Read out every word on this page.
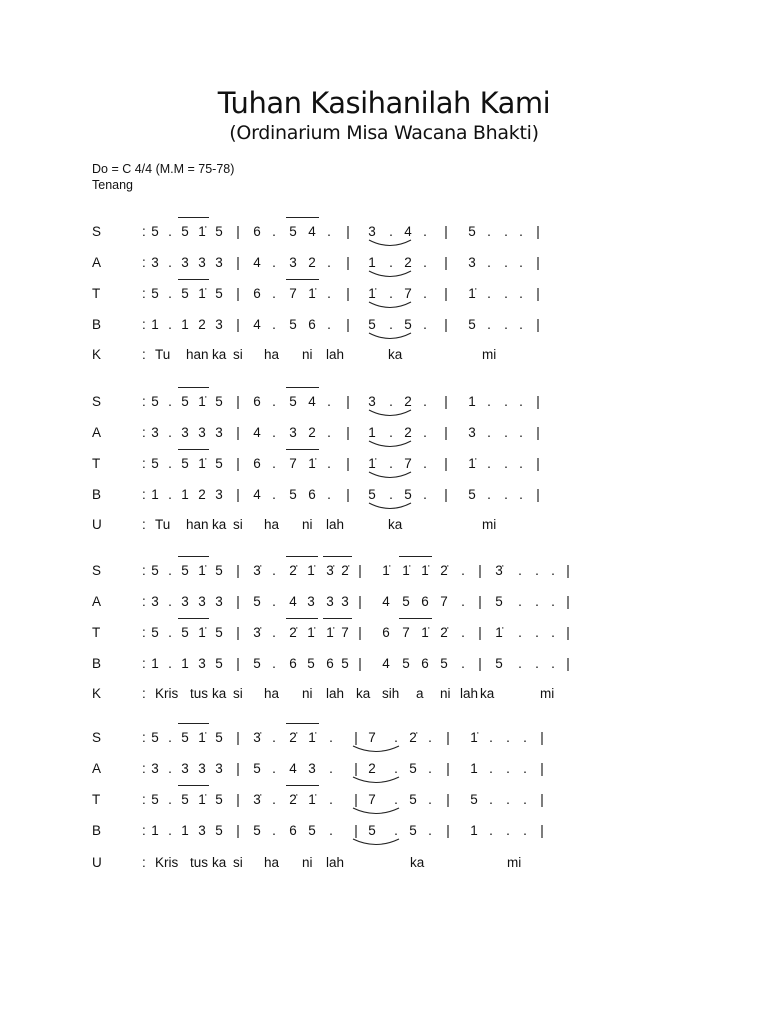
Tuhan Kasihanilah Kami
(Ordinarium Misa Wacana Bhakti)
Do = C 4/4 (M.M = 75-78)
Tenang
S	: 5 . 5 1̇ 5 | 6 . 5 4 .	| 3 . 4 .	| 5 . . . |
A	: 3 . 3 3 3 | 4 . 3 2 .	| 1 . 2 .	| 3 . . . |
T	: 5 . 5 1̇ 5 | 6 . 7 1̇ .	| 1̇ . 7 .	| 1̇ . . . |
B	: 1 . 1 2 3 | 4 . 5 6 .	| 5 . 5 .	| 5 . . . |
K	: Tu han ka si ha ni lah	ka	mi
S	: 5 . 5 1̇ 5 | 6 . 5 4 .	| 3 . 2 .	| 1 . . . |
A	: 3 . 3 3 3 | 4 . 3 2 .	| 1 . 2 .	| 3 . . . |
T	: 5 . 5 1̇ 5 | 6 . 7 1̇ .	| 1̇ . 7 .	| 1̇ . . . |
B	: 1 . 1 2 3 | 4 . 5 6 .	| 5 . 5 .	| 5 . . . |
U	: Tu han ka si ha ni lah	ka	mi
S	: 5 . 5 1̇ 5 | 3̇ . 2̇ 1̇ 3̇ 2̇ | 1̇ 1̇ 1̇ 2̇ . | 3̇	. . . |
A	: 3 . 3 3 3 | 5 . 4 3 3 3 | 4 5 6 7 . | 5	. . . |
T	: 5 . 5 1̇ 5 | 3̇ . 2̇ 1̇ 1̇ 7 | 6 7 1̇ 2̇ . | 1̇	. . . |
B	: 1 . 1 3 5 | 5 . 6 5 6 5 | 4 5 6 5 . | 5	. . . |
K	: Kris tus ka si ha ni lah ka sih a ni lah ka	mi
S	: 5 . 5 1̇ 5 | 3̇ . 2̇ 1̇ .	| 7	. 2̇ .	| 1̇ . . . |
A	: 3 . 3 3 3 | 5 . 4 3 .	| 2	. 5 .	| 1 . . . |
T	: 5 . 5 1̇ 5 | 3̇ . 2̇ 1̇ .	| 7	. 5 .	| 5 . . . |
B	: 1 . 1 3 5 | 5 . 6 5 .	| 5	. 5 .	| 1 . . . |
U	: Kris tus ka si ha ni lah	ka	mi
